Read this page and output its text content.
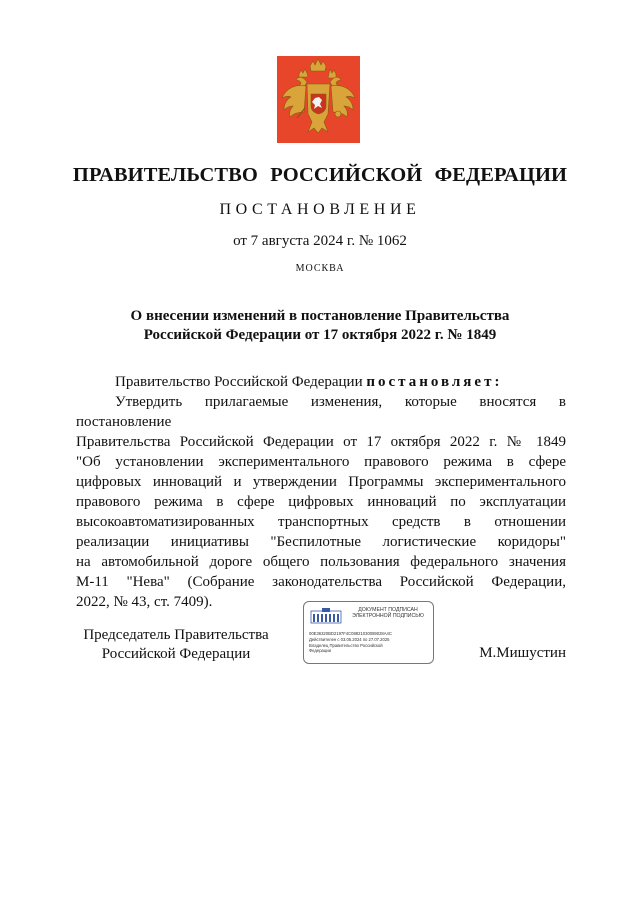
ПРАВИТЕЛЬСТВО РОССИЙСКОЙ ФЕДЕРАЦИИ
ПОСТАНОВЛЕНИЕ
от 7 августа 2024 г. № 1062
МОСКВА
О внесении изменений в постановление Правительства
Российской Федерации от 17 октября 2022 г. № 1849

Правительство Российской Федерации постановляет:

Утвердить прилагаемые изменения, которые вносятся в постановление

Правительства Российской Федерации от 17 октября 2022 г. № 1849

"Об установлении экспериментального правового режима в сфере

цифровых инноваций и утверждении Программы экспериментального

правового режима в сфере цифровых инноваций по эксплуатации

высокоавтоматизированных транспортных средств в отношении

реализации инициативы "Беспилотные логистические коридоры"

на автомобильной дороге общего пользования федерального значения

М-11 "Нева" (Собрание законодательства Российской Федерации,

2022, № 43, ст. 7409).

Председатель Правительства
Российской Федерации
ДОКУМЕНТ ПОДПИСАН
ЭЛЕКТРОННОЙ ПОДПИСЬЮ
00E36320BD2197F4C08821030089028A4C
Действителен с 03.05.2024 по 27.07.2025
Владелец Правительство Российской
Федерации	М.Мишустин
